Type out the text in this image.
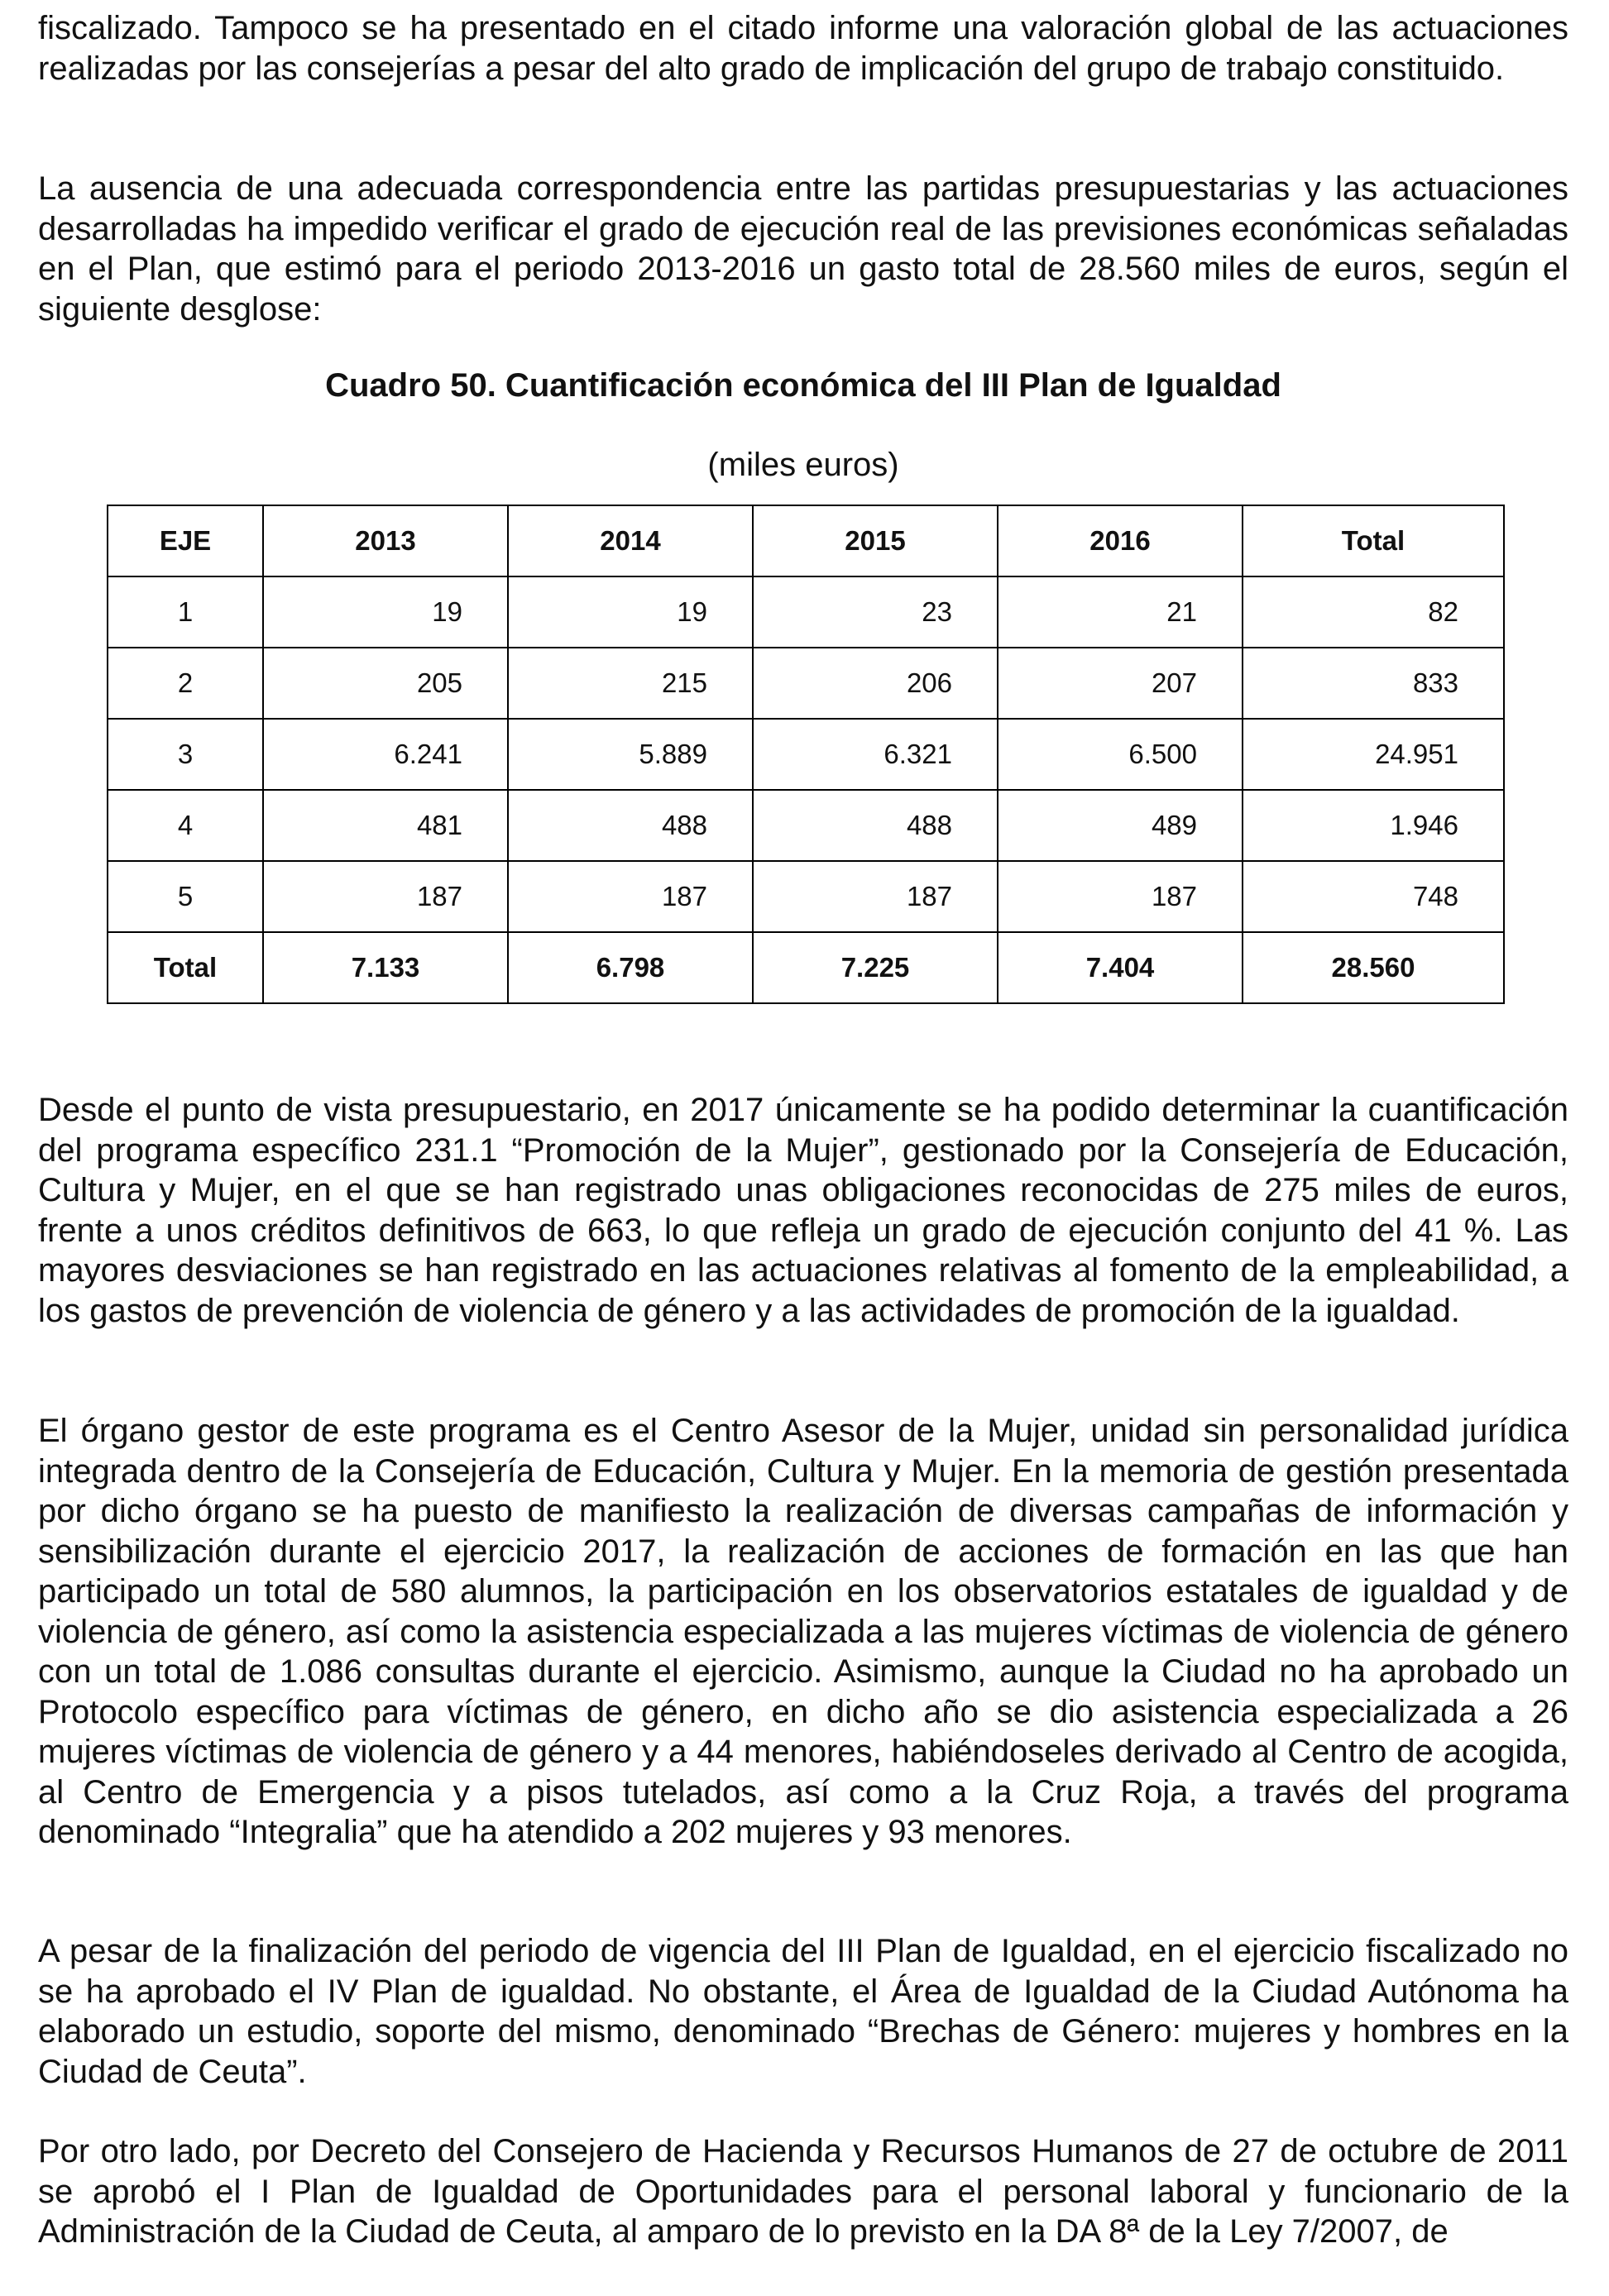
fiscalizado. Tampoco se ha presentado en el citado informe una valoración global de las actuaciones realizadas por las consejerías a pesar del alto grado de implicación del grupo de trabajo constituido.

La ausencia de una adecuada correspondencia entre las partidas presupuestarias y las actuaciones desarrolladas ha impedido verificar el grado de ejecución real de las previsiones económicas señaladas en el Plan, que estimó para el periodo 2013-2016 un gasto total de 28.560 miles de euros, según el siguiente desglose:

Cuadro 50. Cuantificación económica del III Plan de Igualdad

(miles euros)

EJE	2013	2014	2015	2016	Total
1	19	19	23	21	82
2	205	215	206	207	833
3	6.241	5.889	6.321	6.500	24.951
4	481	488	488	489	1.946
5	187	187	187	187	748
Total	7.133	6.798	7.225	7.404	28.560

Desde el punto de vista presupuestario, en 2017 únicamente se ha podido determinar la cuantificación del programa específico 231.1 “Promoción de la Mujer”, gestionado por la Consejería de Educación, Cultura y Mujer, en el que se han registrado unas obligaciones reconocidas de 275 miles de euros, frente a unos créditos definitivos de 663, lo que refleja un grado de ejecución conjunto del 41 %. Las mayores desviaciones se han registrado en las actuaciones relativas al fomento de la empleabilidad, a los gastos de prevención de violencia de género y a las actividades de promoción de la igualdad.

El órgano gestor de este programa es el Centro Asesor de la Mujer, unidad sin personalidad jurídica integrada dentro de la Consejería de Educación, Cultura y Mujer. En la memoria de gestión presentada por dicho órgano se ha puesto de manifiesto la realización de diversas campañas de información y sensibilización durante el ejercicio 2017, la realización de acciones de formación en las que han participado un total de 580 alumnos, la participación en los observatorios estatales de igualdad y de violencia de género, así como la asistencia especializada a las mujeres víctimas de violencia de género con un total de 1.086 consultas durante el ejercicio. Asimismo, aunque la Ciudad no ha aprobado un Protocolo específico para víctimas de género, en dicho año se dio asistencia especializada a 26 mujeres víctimas de violencia de género y a 44 menores, habiéndoseles derivado al Centro de acogida, al Centro de Emergencia y a pisos tutelados, así como a la Cruz Roja, a través del programa denominado “Integralia” que ha atendido a 202 mujeres y 93 menores.

A pesar de la finalización del periodo de vigencia del III Plan de Igualdad, en el ejercicio fiscalizado no se ha aprobado el IV Plan de igualdad. No obstante, el Área de Igualdad de la Ciudad Autónoma ha elaborado un estudio, soporte del mismo, denominado “Brechas de Género: mujeres y hombres en la Ciudad de Ceuta”.

Por otro lado, por Decreto del Consejero de Hacienda y Recursos Humanos de 27 de octubre de 2011 se aprobó el I Plan de Igualdad de Oportunidades para el personal laboral y funcionario de la Administración de la Ciudad de Ceuta, al amparo de lo previsto en la DA 8ª de la Ley 7/2007, de
